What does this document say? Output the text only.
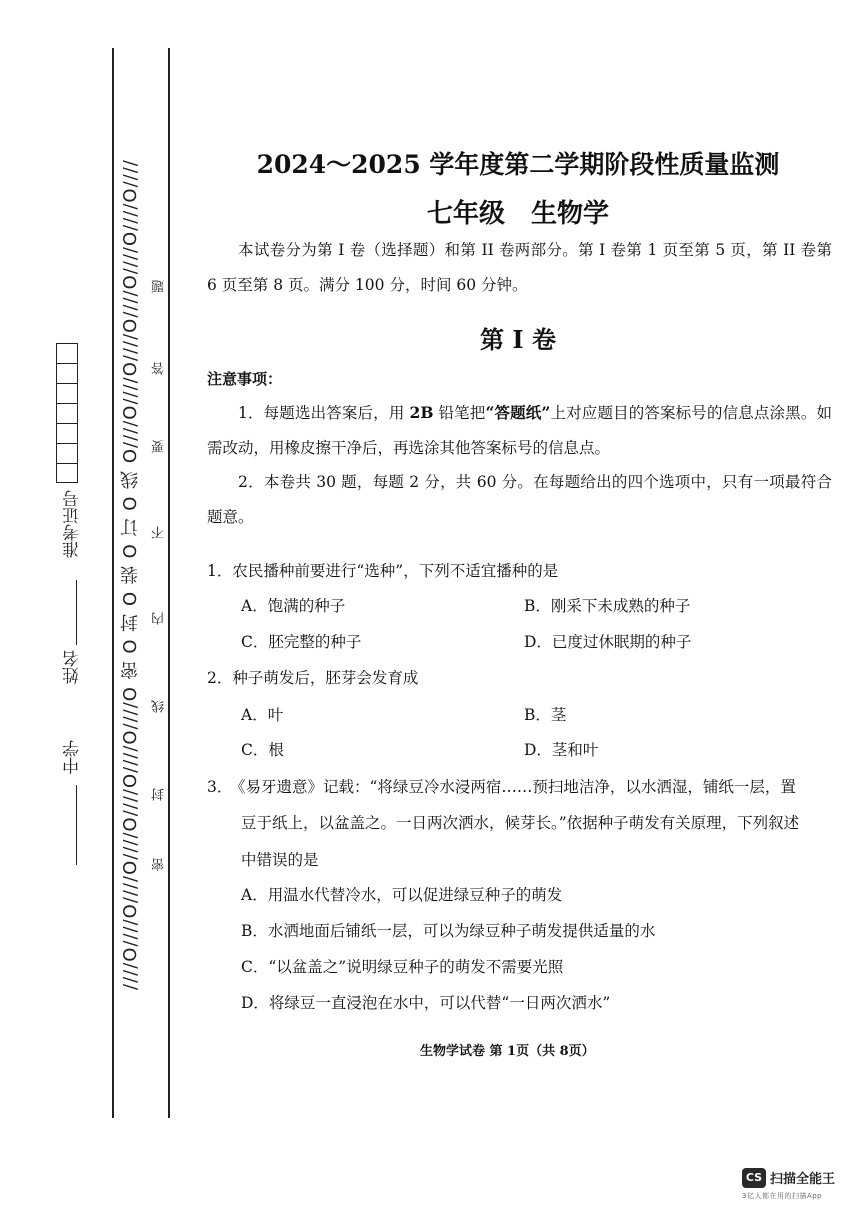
////O////O////O////O////O////O////O 密 O 封 O 装 O 订 O 线 O////O////O////O////O////O////O//// 密
封
线
内
不
要
答
题
中学
姓名
准考证号
2024～2025 学年度第二学期阶段性质量监测
七年级　生物学
本试卷分为第 I 卷（选择题）和第 II 卷两部分。第 I 卷第 1 页至第 5 页，第 II 卷第 6 页至第 8 页。满分 100 分，时间 60 分钟。
第 I 卷
注意事项：
1．每题选出答案后，用 2B 铅笔把“答题纸”上对应题目的答案标号的信息点涂黑。如需改动，用橡皮擦干净后，再选涂其他答案标号的信息点。
2．本卷共 30 题，每题 2 分，共 60 分。在每题给出的四个选项中，只有一项最符合题意。
1．农民播种前要进行“选种”，下列不适宜播种的是
A．饱满的种子	B．刚采下未成熟的种子
C．胚完整的种子	D．已度过休眠期的种子
2．种子萌发后，胚芽会发育成
A．叶	B．茎
C．根	D．茎和叶
3．
《易牙遗意》记载：“将绿豆冷水浸两宿……预扫地洁净，以水洒湿，铺纸一层，置
豆于纸上，以盆盖之。一日两次洒水，候芽长。”依据种子萌发有关原理，下列叙述
中错误的是
A．用温水代替冷水，可以促进绿豆种子的萌发
B．水洒地面后铺纸一层，可以为绿豆种子萌发提供适量的水
C．“以盆盖之”说明绿豆种子的萌发不需要光照
D．将绿豆一直浸泡在水中，可以代替“一日两次洒水”
生物学试卷 第 1页（共 8页）
CS 扫描全能王
3亿人都在用的扫描App
